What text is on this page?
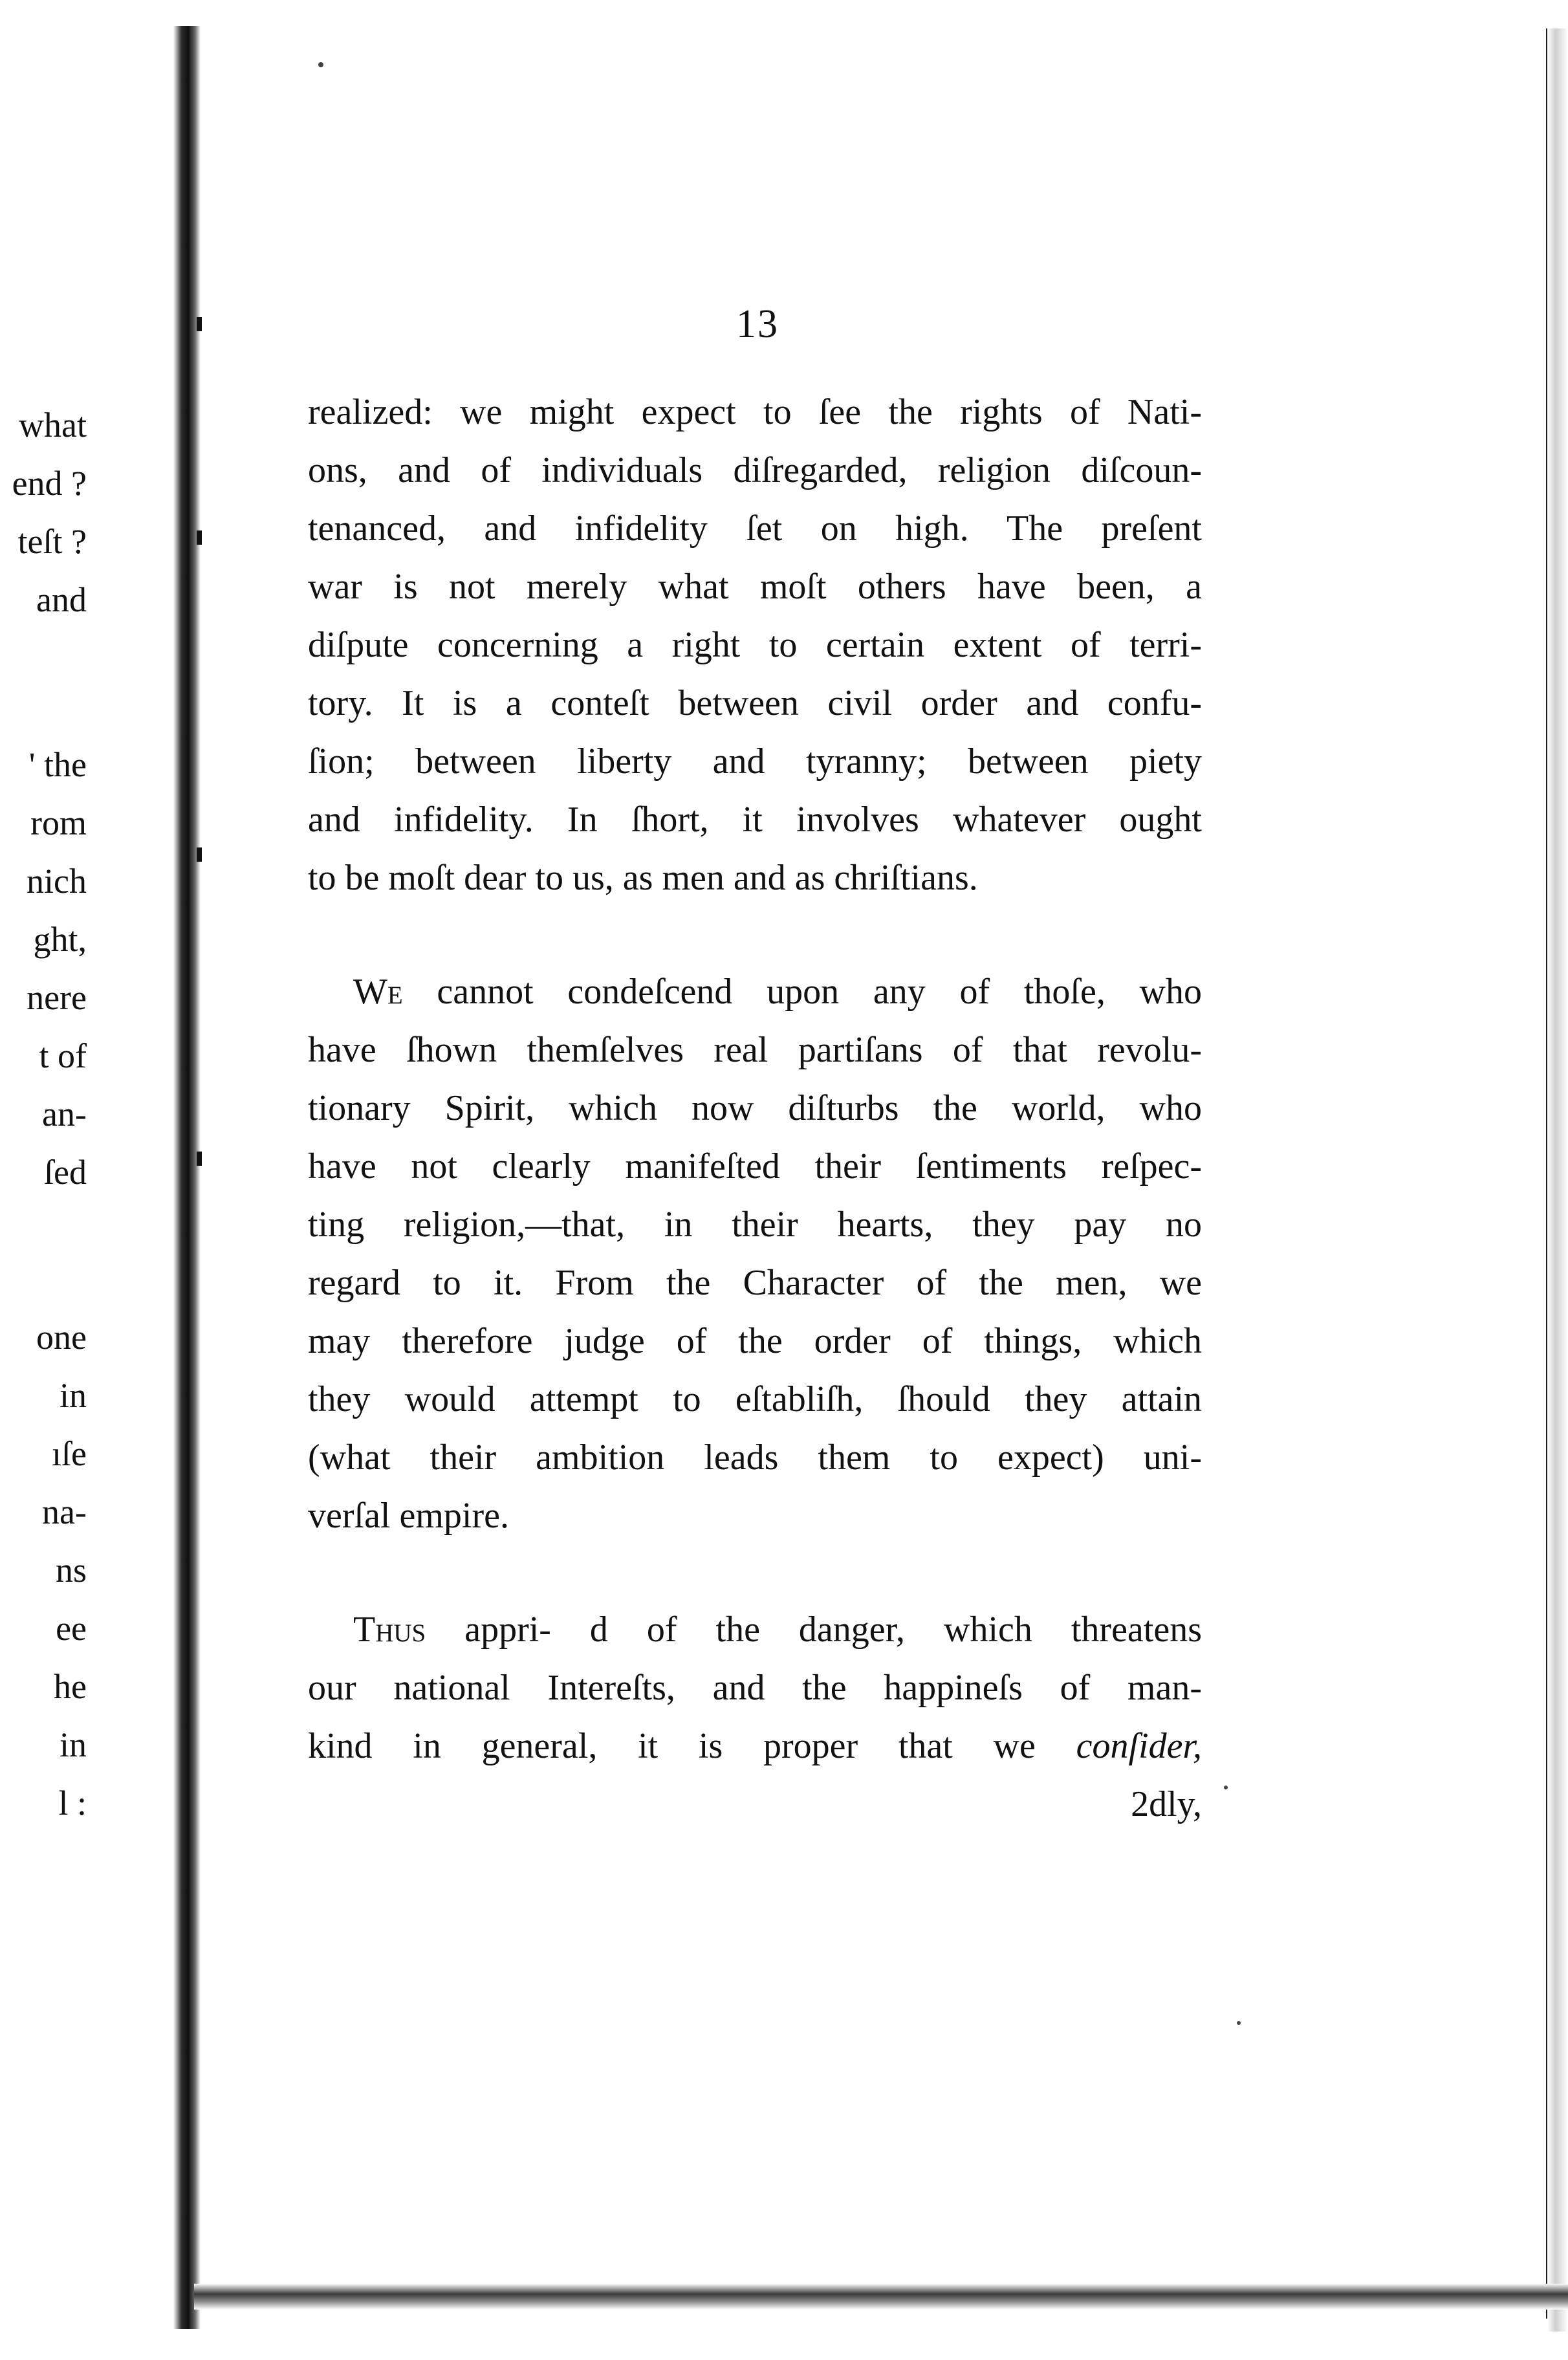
what
end ?
teſt ?
and
' the
rom
nich
ght,
nere
t of
an-
ſed
one
in
ıſe
na-
ns
ee
he
in
l :
13
realized: we might expect to ſee the rights of Nati-
ons, and of individuals diſregarded, religion diſcoun-
tenanced, and infidelity ſet on high. The preſent
war is not merely what moſt others have been, a
diſpute concerning a right to certain extent of terri-
tory. It is a conteſt between civil order and confu-
ſion; between liberty and tyranny; between piety
and infidelity. In ſhort, it involves whatever ought
to be moſt dear to us, as men and as chriſtians.
We cannot condeſcend upon any of thoſe, who
have ſhown themſelves real partiſans of that revolu-
tionary Spirit, which now diſturbs the world, who
have not clearly manifeſted their ſentiments reſpec-
ting religion,—that, in their hearts, they pay no
regard to it. From the Character of the men, we
may therefore judge of the order of things, which
they would attempt to eſtabliſh, ſhould they attain
(what their ambition leads them to expect) uni-
verſal empire.
Thus appri‑ d of the danger, which threatens
our national Intereſts, and the happineſs of man-
kind in general, it is proper that we conſider,
2dly,
